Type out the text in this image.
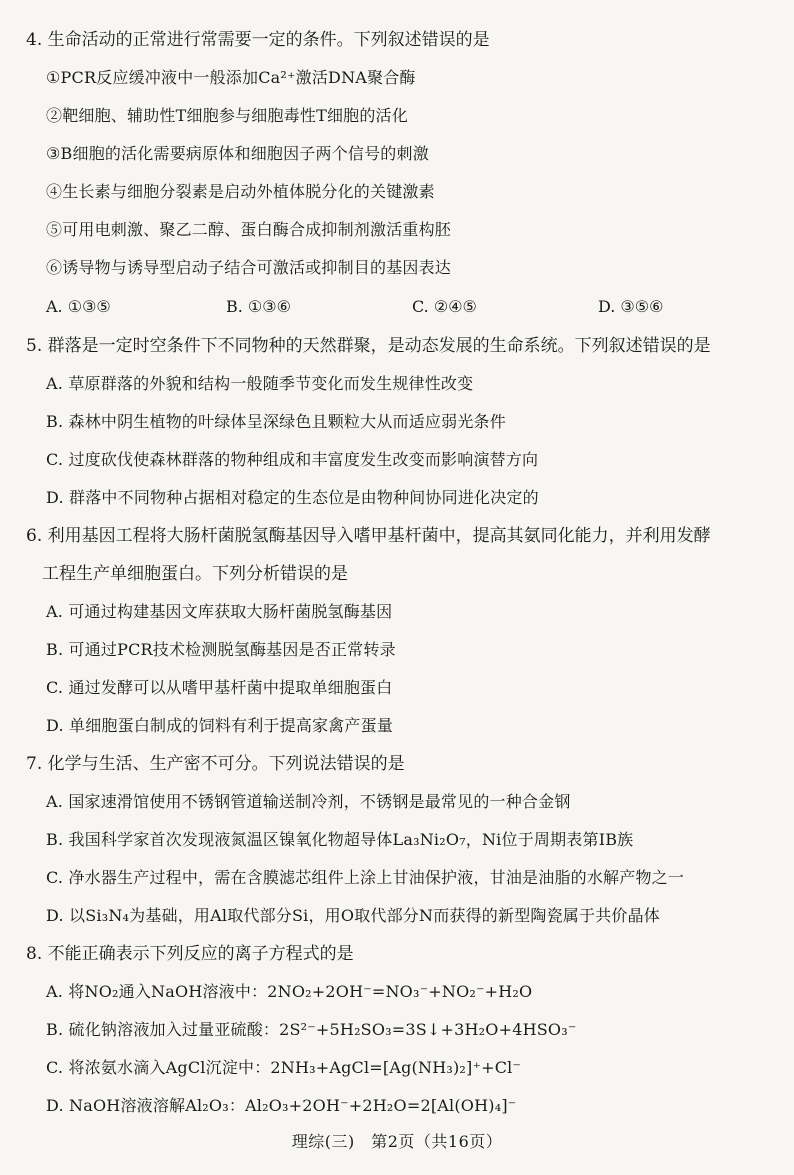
4. 生命活动的正常进行常需要一定的条件。下列叙述错误的是
①PCR反应缓冲液中一般添加Ca²⁺激活DNA聚合酶
②靶细胞、辅助性T细胞参与细胞毒性T细胞的活化
③B细胞的活化需要病原体和细胞因子两个信号的刺激
④生长素与细胞分裂素是启动外植体脱分化的关键激素
⑤可用电刺激、聚乙二醇、蛋白酶合成抑制剂激活重构胚
⑥诱导物与诱导型启动子结合可激活或抑制目的基因表达
A. ①③⑤	B. ①③⑥	C. ②④⑤	D. ③⑤⑥
5. 群落是一定时空条件下不同物种的天然群聚，是动态发展的生命系统。下列叙述错误的是
A. 草原群落的外貌和结构一般随季节变化而发生规律性改变
B. 森林中阴生植物的叶绿体呈深绿色且颗粒大从而适应弱光条件
C. 过度砍伐使森林群落的物种组成和丰富度发生改变而影响演替方向
D. 群落中不同物种占据相对稳定的生态位是由物种间协同进化决定的
6. 利用基因工程将大肠杆菌脱氢酶基因导入嗜甲基杆菌中，提高其氨同化能力，并利用发酵
工程生产单细胞蛋白。下列分析错误的是
A. 可通过构建基因文库获取大肠杆菌脱氢酶基因
B. 可通过PCR技术检测脱氢酶基因是否正常转录
C. 通过发酵可以从嗜甲基杆菌中提取单细胞蛋白
D. 单细胞蛋白制成的饲料有利于提高家禽产蛋量
7. 化学与生活、生产密不可分。下列说法错误的是
A. 国家速滑馆使用不锈钢管道输送制冷剂，不锈钢是最常见的一种合金钢
B. 我国科学家首次发现液氮温区镍氧化物超导体La₃Ni₂O₇，Ni位于周期表第IB族
C. 净水器生产过程中，需在含膜滤芯组件上涂上甘油保护液，甘油是油脂的水解产物之一
D. 以Si₃N₄为基础，用Al取代部分Si，用O取代部分N而获得的新型陶瓷属于共价晶体
8. 不能正确表示下列反应的离子方程式的是
A. 将NO₂通入NaOH溶液中：2NO₂+2OH⁻=NO₃⁻+NO₂⁻+H₂O
B. 硫化钠溶液加入过量亚硫酸：2S²⁻+5H₂SO₃=3S↓+3H₂O+4HSO₃⁻
C. 将浓氨水滴入AgCl沉淀中：2NH₃+AgCl=[Ag(NH₃)₂]⁺+Cl⁻
D. NaOH溶液溶解Al₂O₃：Al₂O₃+2OH⁻+2H₂O=2[Al(OH)₄]⁻
理综(三)　第2页（共16页）
